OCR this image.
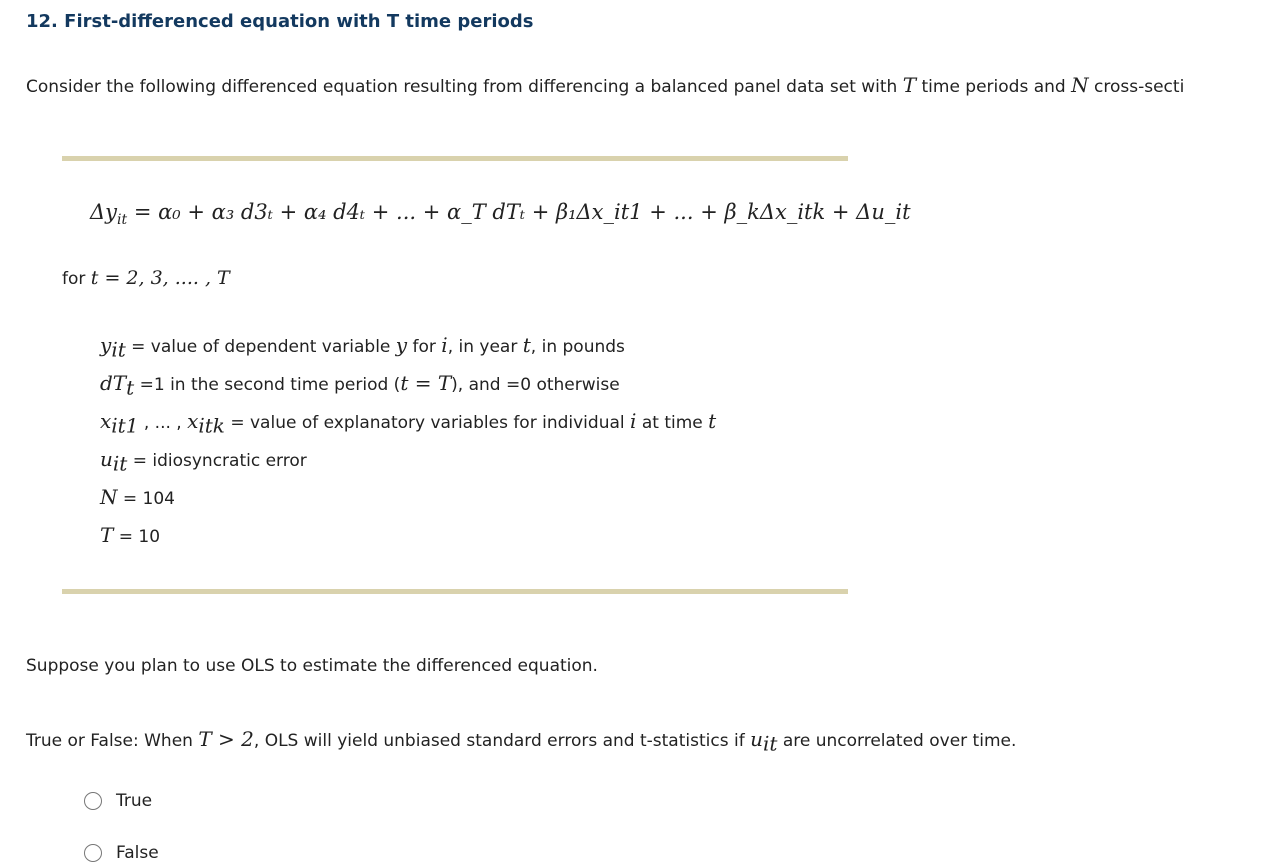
12. First-differenced equation with T time periods
Consider the following differenced equation resulting from differencing a balanced panel data set with T time periods and N cross-secti
$\Delta y_{it} = \alpha_0 + \alpha_3$ d3ₜ + α₄ d4ₜ + ... + α_T dTₜ + β₁Δx_it1 + ... + β_kΔx_itk + Δu_it
for t = 2, 3, .... , T
$y_{it}$ = value of dependent variable y for i, in year t, in pounds
$dT_t =1$ in the second time period (t = T), and =0 otherwise
$x_{it1}$ , ... , $x_{itk}$ = value of explanatory variables for individual i at time t
$u_{it}$ = idiosyncratic error
N = 104
T = 10
Suppose you plan to use OLS to estimate the differenced equation.
True or False: When T > 2, OLS will yield unbiased standard errors and t-statistics if $u_{it}$ are uncorrelated over time.
True
False
